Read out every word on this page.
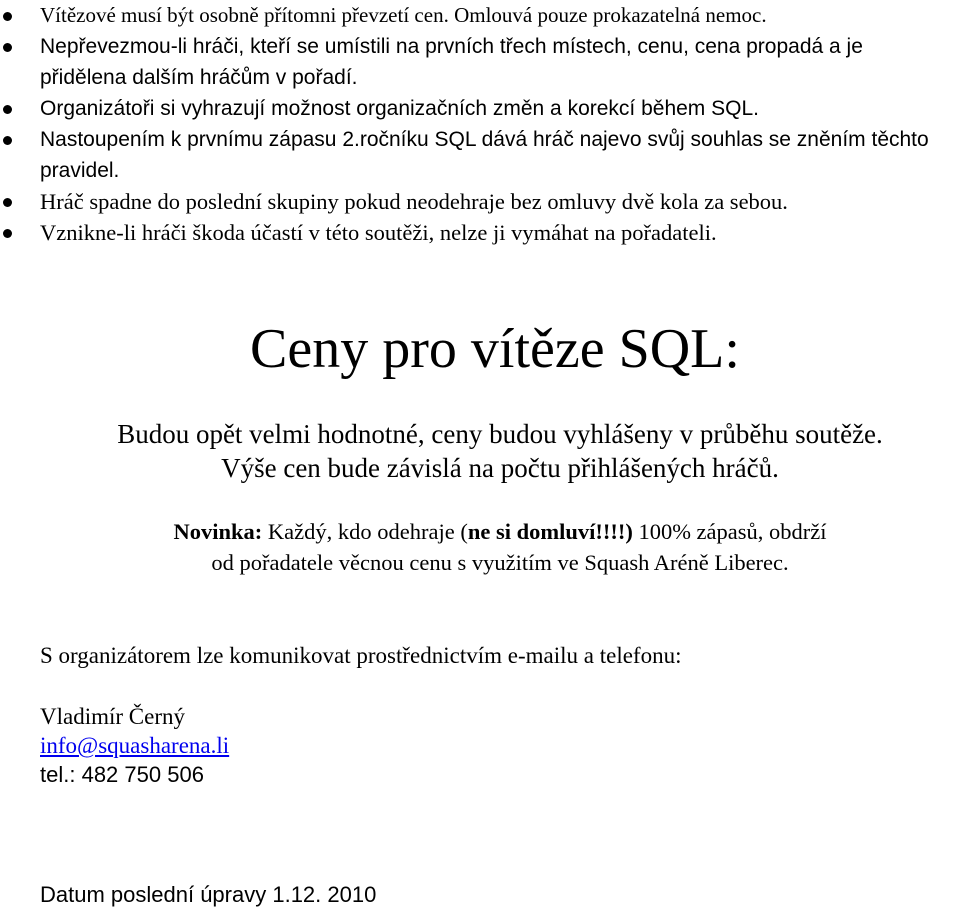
Vítězové musí být osobně přítomni převzetí cen. Omlouvá pouze prokazatelná nemoc.
Nepřevezmou-li hráči, kteří se umístili na prvních třech místech, cenu, cena propadá a je přidělena dalším hráčům v pořadí.
Organizátoři si vyhrazují možnost organizačních změn a korekcí během SQL.
Nastoupením k prvnímu zápasu 2.ročníku SQL dává hráč najevo svůj souhlas se zněním těchto pravidel.
Hráč spadne do poslední skupiny pokud neodehraje bez omluvy dvě kola za sebou.
Vznikne-li hráči škoda účastí v této soutěži, nelze ji vymáhat na pořadateli.
Ceny pro vítěze SQL:
Budou opět velmi hodnotné, ceny budou vyhlášeny v průběhu soutěže.
Výše cen bude závislá na počtu přihlášených hráčů.
Novinka: Každý, kdo odehraje (ne si domluví!!!!) 100% zápasů, obdrží
od pořadatele věcnou cenu s využitím ve Squash Aréně Liberec.
S organizátorem lze komunikovat prostřednictvím e-mailu a telefonu:
Vladimír Černý
info@squasharena.li
tel.: 482 750 506
Datum poslední úpravy 1.12. 2010
